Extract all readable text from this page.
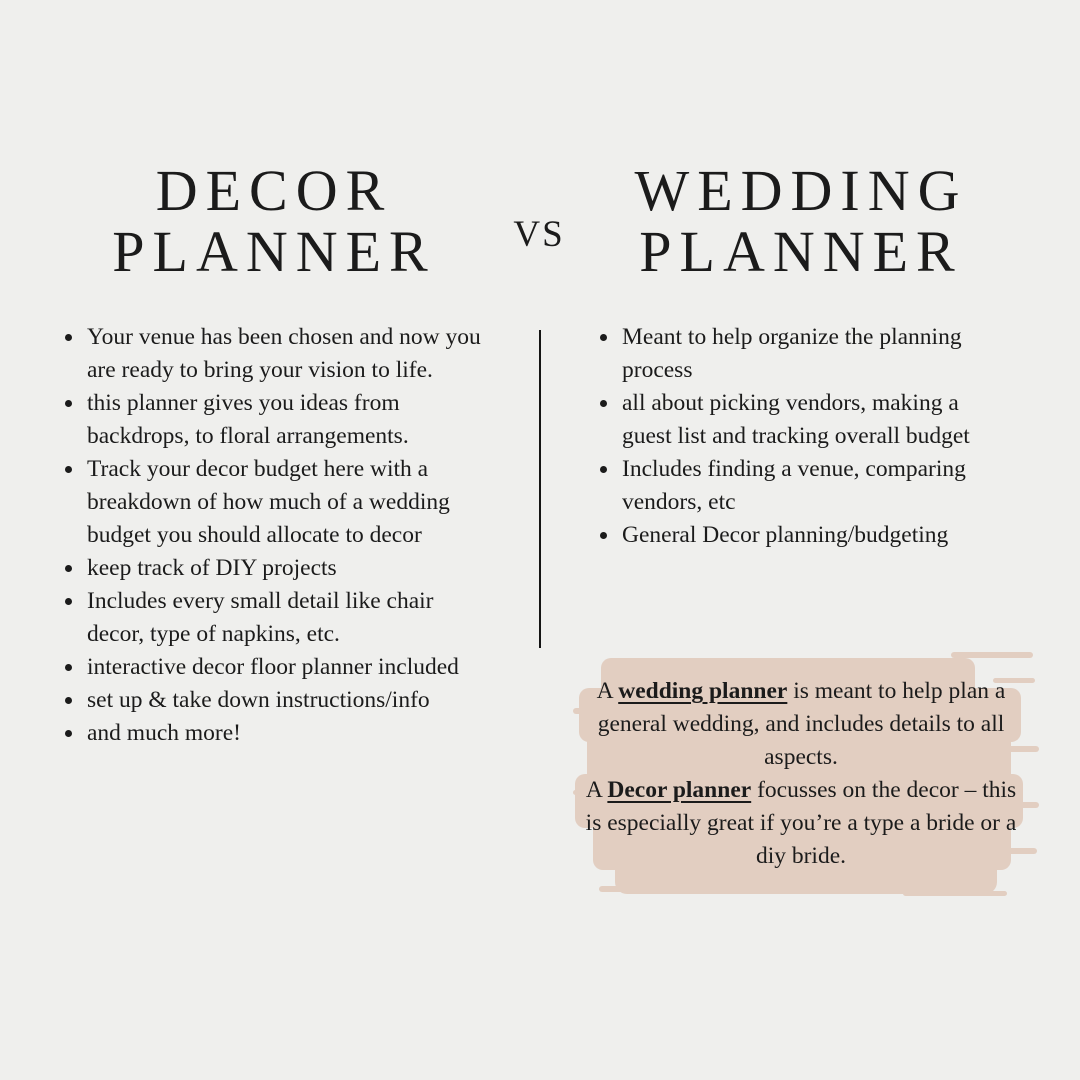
DECOR
PLANNER	VS
WEDDING
PLANNER
Your venue has been chosen and now you are ready to bring your vision to life.
this planner gives you ideas from backdrops, to floral arrangements.
Track your decor budget here with a breakdown of how much of a wedding budget you should allocate to decor
keep track of DIY projects
Includes every small detail like chair decor, type of napkins, etc.
interactive decor floor planner included
set up & take down instructions/info
and much more!
Meant to help organize the planning process
all about picking vendors, making a guest list and tracking overall budget
Includes finding a venue, comparing vendors, etc
General Decor planning/budgeting
A wedding planner is meant to help plan a general wedding, and includes details to all aspects.
A Decor planner focusses on the decor – this is especially great if you’re a type a bride or a diy bride.
